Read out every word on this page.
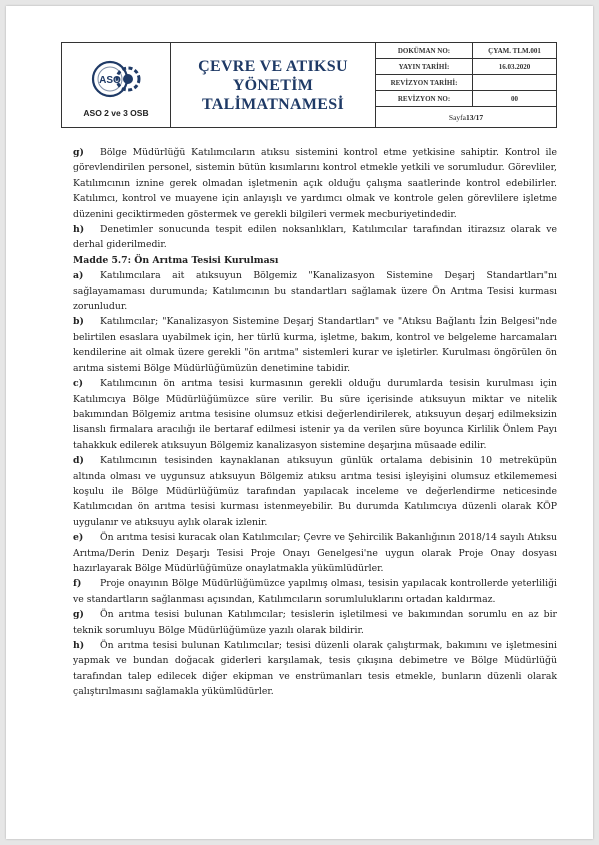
ASO
ASO 2 ve 3 OSB
ÇEVRE VE ATIKSU YÖNETİM
TALİMATNAMESİ
DOKÜMAN NO:	ÇYAM. TLM.001
YAYIN TARİHİ:	16.03.2020
REVİZYON TARİHİ:
REVİZYON NO:	00
Sayfa 13 / 17

g) Bölge Müdürlüğü Katılımcıların atıksu sistemini kontrol etme yetkisine sahiptir. Kontrol ile görevlendirilen personel, sistemin bütün kısımlarını kontrol etmekle yetkili ve sorumludur. Görevliler, Katılımcının iznine gerek olmadan işletmenin açık olduğu çalışma saatlerinde kontrol edebilirler. Katılımcı, kontrol ve muayene için anlayışlı ve yardımcı olmak ve kontrole gelen görevlilere işletme düzenini geciktirmeden göstermek ve gerekli bilgileri vermek mecburiyetindedir.

h) Denetimler sonucunda tespit edilen noksanlıkları, Katılımcılar tarafından itirazsız olarak ve derhal giderilmedir.

Madde 5.7: Ön Arıtma Tesisi Kurulması

a) Katılımcılara ait atıksuyun Bölgemiz "Kanalizasyon Sistemine Deşarj Standartları"nı sağlayamaması durumunda; Katılımcının bu standartları sağlamak üzere Ön Arıtma Tesisi kurması zorunludur.

b) Katılımcılar; "Kanalizasyon Sistemine Deşarj Standartları" ve "Atıksu Bağlantı İzin Belgesi"nde belirtilen esaslara uyabilmek için, her türlü kurma, işletme, bakım, kontrol ve belgeleme harcamaları kendilerine ait olmak üzere gerekli "ön arıtma" sistemleri kurar ve işletirler. Kurulması öngörülen ön arıtma sistemi Bölge Müdürlüğümüzün denetimine tabidir.

c) Katılımcının ön arıtma tesisi kurmasının gerekli olduğu durumlarda tesisin kurulması için Katılımcıya Bölge Müdürlüğümüzce süre verilir. Bu süre içerisinde atıksuyun miktar ve nitelik bakımından Bölgemiz arıtma tesisine olumsuz etkisi değerlendirilerek, atıksuyun deşarj edilmeksizin lisanslı firmalara aracılığı ile bertaraf edilmesi istenir ya da verilen süre boyunca Kirlilik Önlem Payı tahakkuk edilerek atıksuyun Bölgemiz kanalizasyon sistemine deşarjına müsaade edilir.

d) Katılımcının tesisinden kaynaklanan atıksuyun günlük ortalama debisinin 10 metreküpün altında olması ve uygunsuz atıksuyun Bölgemiz atıksu arıtma tesisi işleyişini olumsuz etkilememesi koşulu ile Bölge Müdürlüğümüz tarafından yapılacak inceleme ve değerlendirme neticesinde Katılımcıdan ön arıtma tesisi kurması istenmeyebilir. Bu durumda Katılımcıya düzenli olarak KÖP uygulanır ve atıksuyu aylık olarak izlenir.

e) Ön arıtma tesisi kuracak olan Katılımcılar; Çevre ve Şehircilik Bakanlığının 2018/14 sayılı Atıksu Arıtma/Derin Deniz Deşarjı Tesisi Proje Onayı Genelgesi'ne uygun olarak Proje Onay dosyası hazırlayarak Bölge Müdürlüğümüze onaylatmakla yükümlüdürler.

f) Proje onayının Bölge Müdürlüğümüzce yapılmış olması, tesisin yapılacak kontrollerde yeterliliği ve standartların sağlanması açısından, Katılımcıların sorumluluklarını ortadan kaldırmaz.

g) Ön arıtma tesisi bulunan Katılımcılar; tesislerin işletilmesi ve bakımından sorumlu en az bir teknik sorumluyu Bölge Müdürlüğümüze yazılı olarak bildirir.

h) Ön arıtma tesisi bulunan Katılımcılar; tesisi düzenli olarak çalıştırmak, bakımını ve işletmesini yapmak ve bundan doğacak giderleri karşılamak, tesis çıkışına debimetre ve Bölge Müdürlüğü tarafından talep edilecek diğer ekipman ve enstrümanları tesis etmekle, bunların düzenli olarak çalıştırılmasını sağlamakla yükümlüdürler.
